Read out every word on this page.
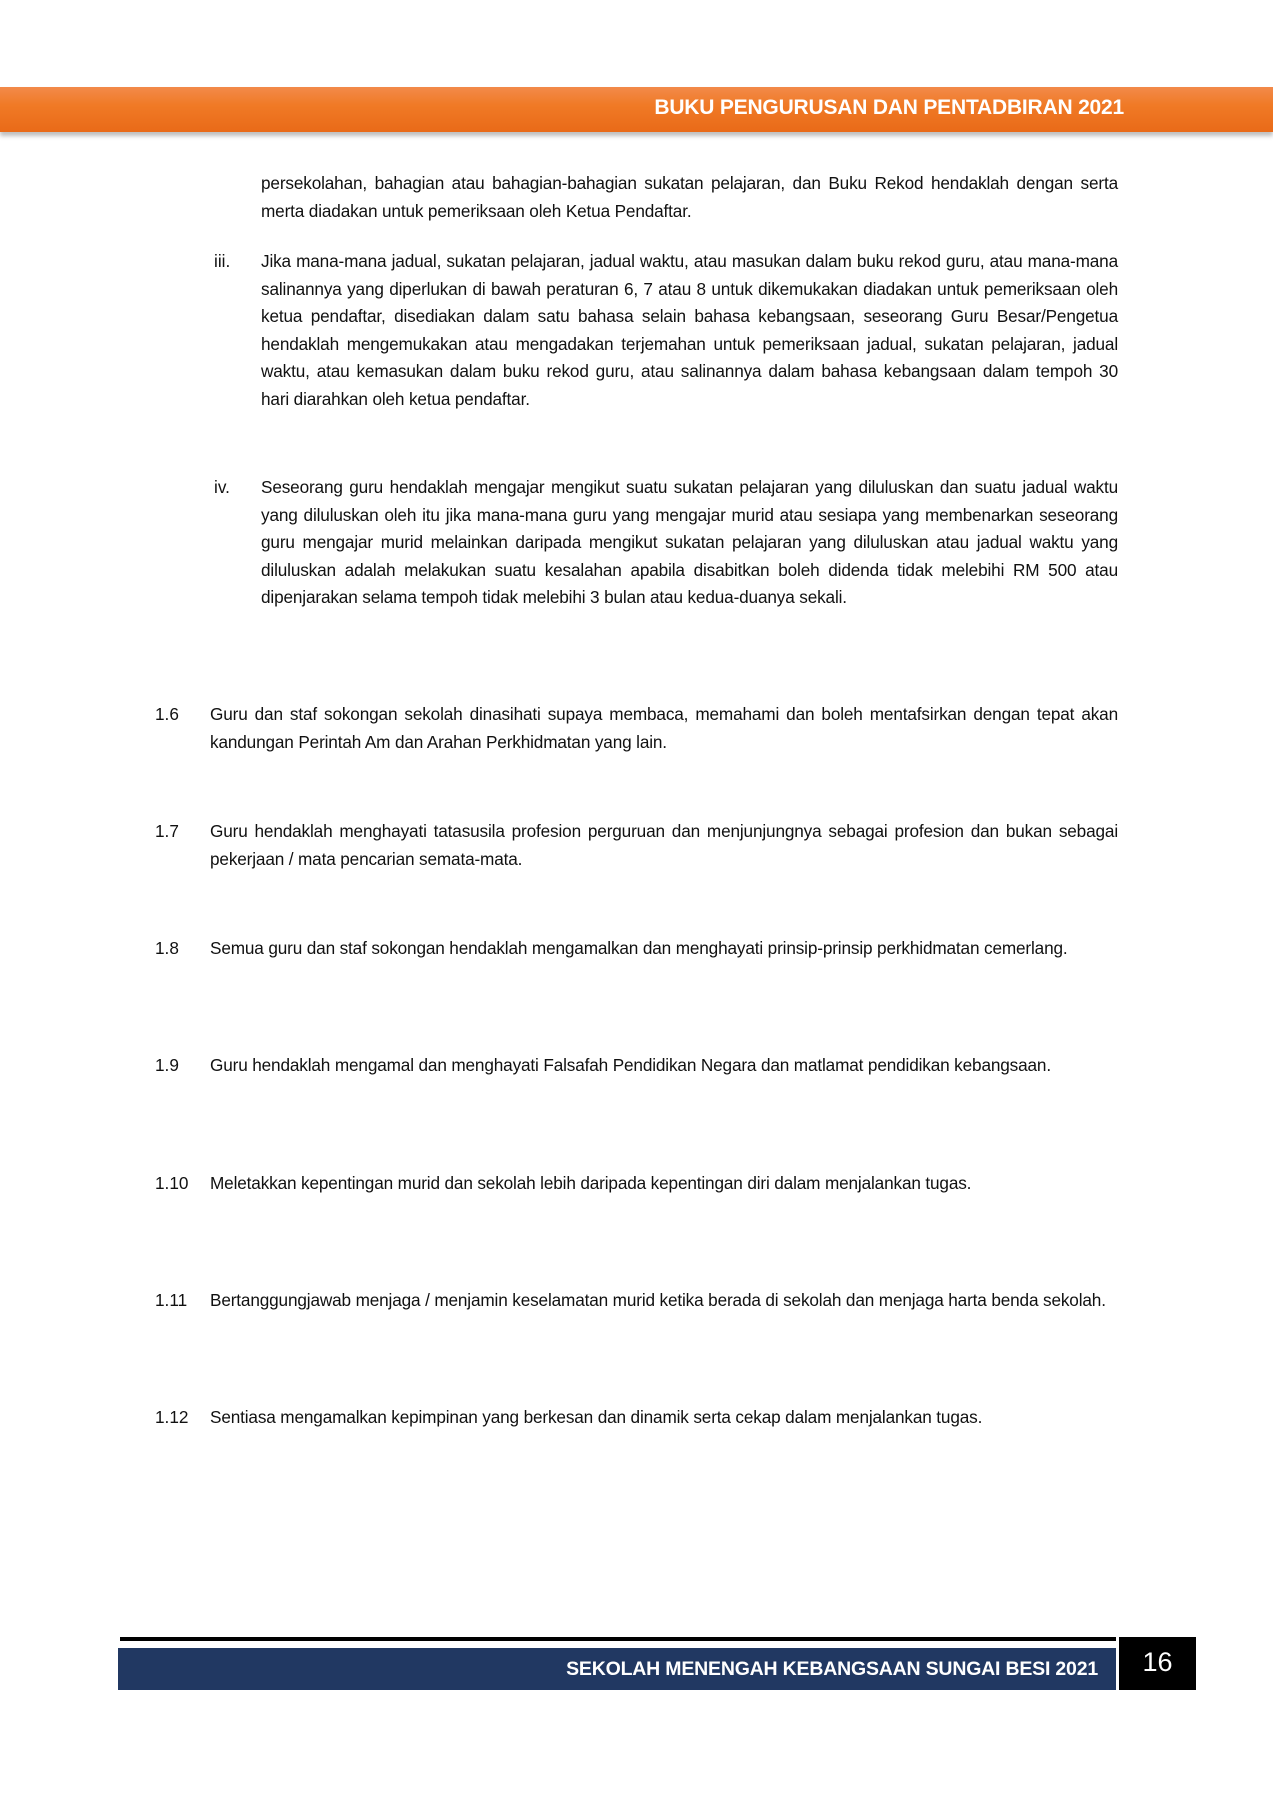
BUKU PENGURUSAN DAN PENTADBIRAN 2021
persekolahan, bahagian atau bahagian-bahagian sukatan pelajaran, dan Buku Rekod hendaklah dengan serta merta diadakan untuk pemeriksaan oleh Ketua Pendaftar.
iii. Jika mana-mana jadual, sukatan pelajaran, jadual waktu, atau masukan dalam buku rekod guru, atau mana-mana salinannya yang diperlukan di bawah peraturan 6, 7 atau 8 untuk dikemukakan diadakan untuk pemeriksaan oleh ketua pendaftar, disediakan dalam satu bahasa selain bahasa kebangsaan, seseorang Guru Besar/Pengetua hendaklah mengemukakan atau mengadakan terjemahan untuk pemeriksaan jadual, sukatan pelajaran, jadual waktu, atau kemasukan dalam buku rekod guru, atau salinannya dalam bahasa kebangsaan dalam tempoh 30 hari diarahkan oleh ketua pendaftar.
iv. Seseorang guru hendaklah mengajar mengikut suatu sukatan pelajaran yang diluluskan dan suatu jadual waktu yang diluluskan oleh itu jika mana-mana guru yang mengajar murid atau sesiapa yang membenarkan seseorang guru mengajar murid melainkan daripada mengikut sukatan pelajaran yang diluluskan atau jadual waktu yang diluluskan adalah melakukan suatu kesalahan apabila disabitkan boleh didenda tidak melebihi RM 500 atau dipenjarakan selama tempoh tidak melebihi 3 bulan atau kedua-duanya sekali.
1.6 Guru dan staf sokongan sekolah dinasihati supaya membaca, memahami dan boleh mentafsirkan dengan tepat akan kandungan Perintah Am dan Arahan Perkhidmatan yang lain.
1.7 Guru hendaklah menghayati tatasusila profesion perguruan dan menjunjungnya sebagai profesion dan bukan sebagai pekerjaan / mata pencarian semata-mata.
1.8 Semua guru dan staf sokongan hendaklah mengamalkan dan menghayati prinsip-prinsip perkhidmatan cemerlang.
1.9 Guru hendaklah mengamal dan menghayati Falsafah Pendidikan Negara dan matlamat pendidikan kebangsaan.
1.10 Meletakkan kepentingan murid dan sekolah lebih daripada kepentingan diri dalam menjalankan tugas.
1.11 Bertanggungjawab menjaga / menjamin keselamatan murid ketika berada di sekolah dan menjaga harta benda sekolah.
1.12 Sentiasa mengamalkan kepimpinan yang berkesan dan dinamik serta cekap dalam menjalankan tugas.
SEKOLAH MENENGAH KEBANGSAAN SUNGAI BESI 2021	16
